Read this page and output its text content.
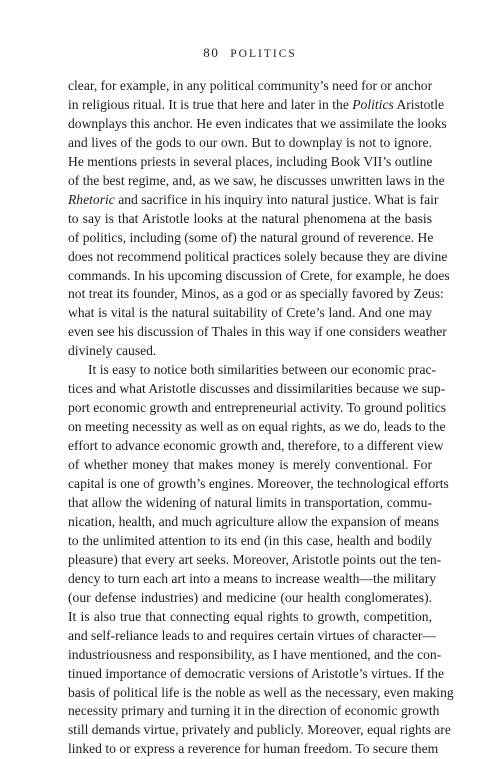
80 POLITICS
clear, for example, in any political community’s need for or anchor
in religious ritual. It is true that here and later in the Politics Aristotle
downplays this anchor. He even indicates that we assimilate the looks
and lives of the gods to our own. But to downplay is not to ignore.
He mentions priests in several places, including Book VII’s outline
of the best regime, and, as we saw, he discusses unwritten laws in the
Rhetoric and sacrifice in his inquiry into natural justice. What is fair
to say is that Aristotle looks at the natural phenomena at the basis
of politics, including (some of) the natural ground of reverence. He
does not recommend political practices solely because they are divine
commands. In his upcoming discussion of Crete, for example, he does
not treat its founder, Minos, as a god or as specially favored by Zeus:
what is vital is the natural suitability of Crete’s land. And one may
even see his discussion of Thales in this way if one considers weather
divinely caused.
It is easy to notice both similarities between our economic prac-
tices and what Aristotle discusses and dissimilarities because we sup-
port economic growth and entrepreneurial activity. To ground politics
on meeting necessity as well as on equal rights, as we do, leads to the
effort to advance economic growth and, therefore, to a different view
of whether money that makes money is merely conventional. For
capital is one of growth’s engines. Moreover, the technological efforts
that allow the widening of natural limits in transportation, commu-
nication, health, and much agriculture allow the expansion of means
to the unlimited attention to its end (in this case, health and bodily
pleasure) that every art seeks. Moreover, Aristotle points out the ten-
dency to turn each art into a means to increase wealth—the military
(our defense industries) and medicine (our health conglomerates).
It is also true that connecting equal rights to growth, competition,
and self-reliance leads to and requires certain virtues of character—
industriousness and responsibility, as I have mentioned, and the con-
tinued importance of democratic versions of Aristotle’s virtues. If the
basis of political life is the noble as well as the necessary, even making
necessity primary and turning it in the direction of economic growth
still demands virtue, privately and publicly. Moreover, equal rights are
linked to or express a reverence for human freedom. To secure them
